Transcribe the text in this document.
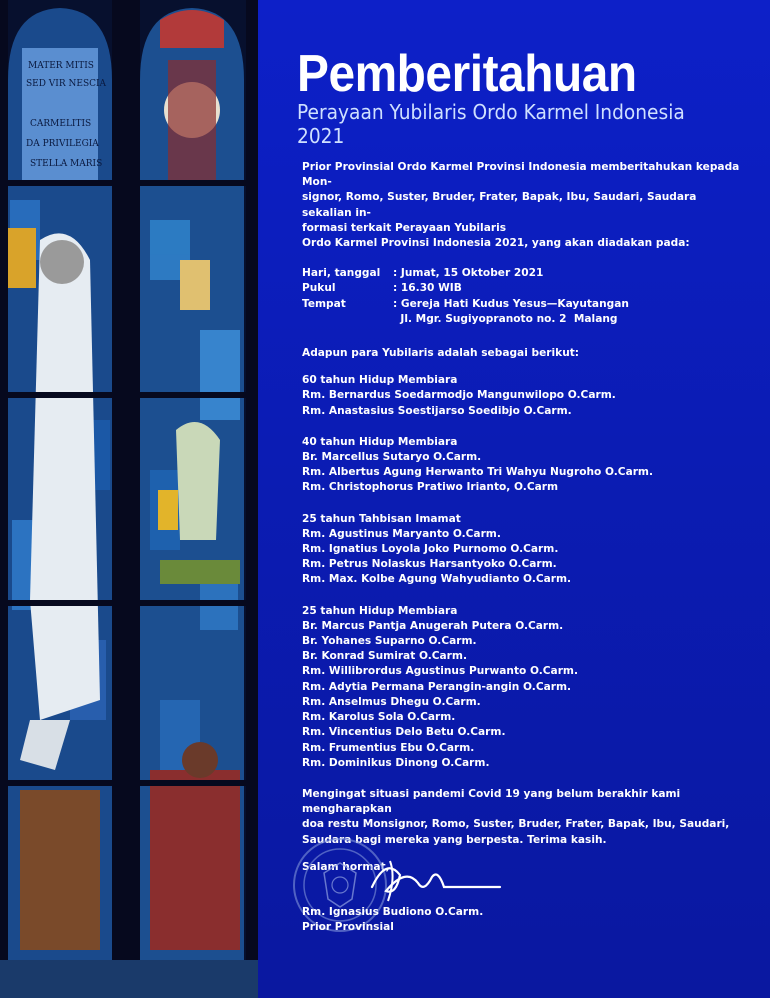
MATER MITIS
SED VIR NESCIA
CARMELITIS
DA PRIVILEGIA
STELLA MARIS
Pemberitahuan
Perayaan Yubilaris Ordo Karmel Indonesia 2021

Prior Provinsial Ordo Karmel Provinsi Indonesia memberitahukan kepada Mon-

signor, Romo, Suster, Bruder, Frater, Bapak, Ibu, Saudari, Saudara sekalian in-

formasi terkait Perayaan Yubilaris

Ordo Karmel Provinsi Indonesia 2021, yang akan diadakan pada:

Hari, tanggal	: Jumat, 15 Oktober 2021
Pukul	: 16.30 WIB
Tempat	: Gereja Hati Kudus Yesus—Kayutangan
Jl. Mgr. Sugiyopranoto no. 2  Malang

Adapun para Yubilaris adalah sebagai berikut:

60 tahun Hidup Membiara

Rm. Bernardus Soedarmodjo Mangunwilopo O.Carm.

Rm. Anastasius Soestijarso Soedibjo O.Carm.

40 tahun Hidup Membiara

Br. Marcellus Sutaryo O.Carm.

Rm. Albertus Agung Herwanto Tri Wahyu Nugroho O.Carm.

Rm. Christophorus Pratiwo Irianto, O.Carm

25 tahun Tahbisan Imamat

Rm. Agustinus Maryanto O.Carm.

Rm. Ignatius Loyola Joko Purnomo O.Carm.

Rm. Petrus Nolaskus Harsantyoko O.Carm.

Rm. Max. Kolbe Agung Wahyudianto O.Carm.

25 tahun Hidup Membiara

Br. Marcus Pantja Anugerah Putera O.Carm.

Br. Yohanes Suparno O.Carm.

Br. Konrad Sumirat O.Carm.

Rm. Willibrordus Agustinus Purwanto O.Carm.

Rm. Adytia Permana Perangin-angin O.Carm.

Rm. Anselmus Dhegu O.Carm.

Rm. Karolus Sola O.Carm.

Rm. Vincentius Delo Betu O.Carm.

Rm. Frumentius Ebu O.Carm.

Rm. Dominikus Dinong O.Carm.

Mengingat situasi pandemi Covid 19 yang belum berakhir kami mengharapkan

doa restu Monsignor, Romo, Suster, Bruder, Frater, Bapak, Ibu, Saudari,

Saudara bagi mereka yang berpesta. Terima kasih.

Salam hormat,

Rm. Ignasius Budiono O.Carm.

Prior Provinsial
